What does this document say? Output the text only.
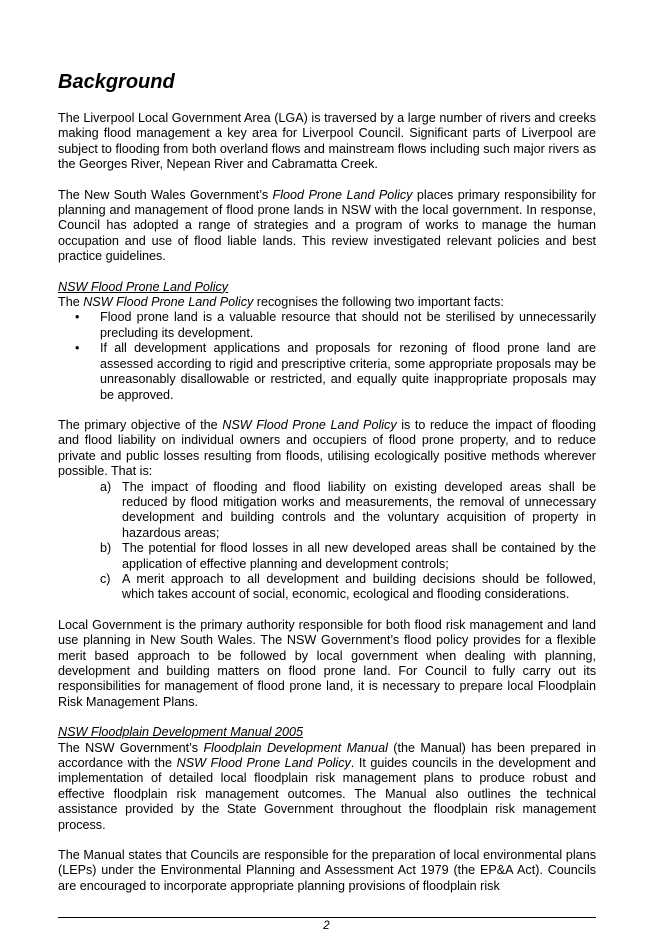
Background

The Liverpool Local Government Area (LGA) is traversed by a large number of rivers and creeks making flood management a key area for Liverpool Council. Significant parts of Liverpool are subject to flooding from both overland flows and mainstream flows including such major rivers as the Georges River, Nepean River and Cabramatta Creek.

The New South Wales Government’s Flood Prone Land Policy places primary responsibility for planning and management of flood prone lands in NSW with the local government. In response, Council has adopted a range of strategies and a program of works to manage the human occupation and use of flood liable lands. This review investigated relevant policies and best practice guidelines.

NSW Flood Prone Land Policy

The NSW Flood Prone Land Policy recognises the following two important facts:

• Flood prone land is a valuable resource that should not be sterilised by unnecessarily precluding its development.
• If all development applications and proposals for rezoning of flood prone land are assessed according to rigid and prescriptive criteria, some appropriate proposals may be unreasonably disallowable or restricted, and equally quite inappropriate proposals may be approved.

The primary objective of the NSW Flood Prone Land Policy is to reduce the impact of flooding and flood liability on individual owners and occupiers of flood prone property, and to reduce private and public losses resulting from floods, utilising ecologically positive methods wherever possible. That is:

a) The impact of flooding and flood liability on existing developed areas shall be reduced by flood mitigation works and measurements, the removal of unnecessary development and building controls and the voluntary acquisition of property in hazardous areas;
b) The potential for flood losses in all new developed areas shall be contained by the application of effective planning and development controls;
c) A merit approach to all development and building decisions should be followed, which takes account of social, economic, ecological and flooding considerations.

Local Government is the primary authority responsible for both flood risk management and land use planning in New South Wales. The NSW Government’s flood policy provides for a flexible merit based approach to be followed by local government when dealing with planning, development and building matters on flood prone land. For Council to fully carry out its responsibilities for management of flood prone land, it is necessary to prepare local Floodplain Risk Management Plans.

NSW Floodplain Development Manual 2005

The NSW Government’s Floodplain Development Manual (the Manual) has been prepared in accordance with the NSW Flood Prone Land Policy. It guides councils in the development and implementation of detailed local floodplain risk management plans to produce robust and effective floodplain risk management outcomes. The Manual also outlines the technical assistance provided by the State Government throughout the floodplain risk management process.

The Manual states that Councils are responsible for the preparation of local environmental plans (LEPs) under the Environmental Planning and Assessment Act 1979 (the EP&A Act). Councils are encouraged to incorporate appropriate planning provisions of floodplain risk

2
